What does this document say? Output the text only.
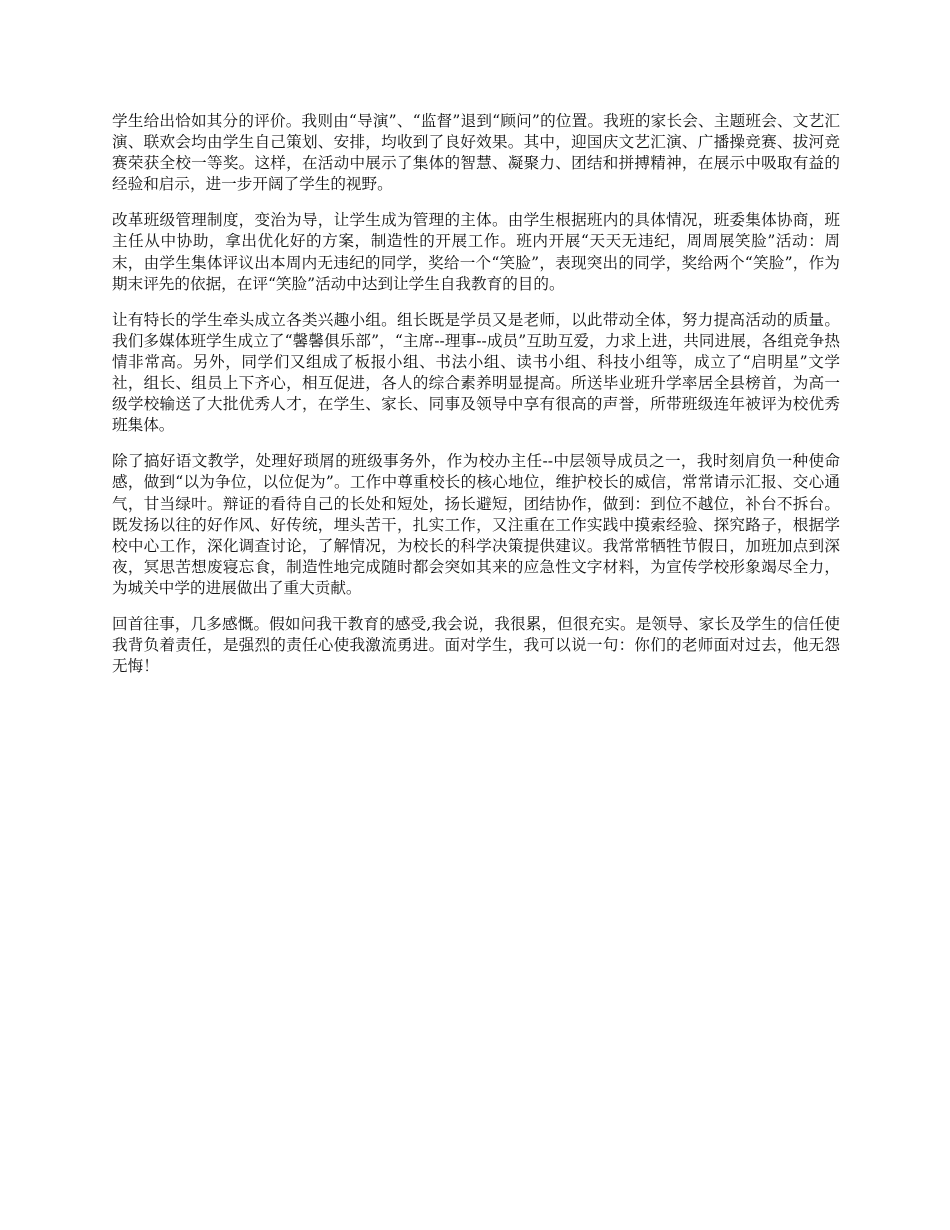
学生给出恰如其分的评价。我则由“导演”、“监督”退到“顾问”的位置。我班的家长会、主题班会、文艺汇演、联欢会均由学生自己策划、安排，均收到了良好效果。其中，迎国庆文艺汇演、广播操竞赛、拔河竞赛荣获全校一等奖。这样，在活动中展示了集体的智慧、凝聚力、团结和拼搏精神，在展示中吸取有益的经验和启示，进一步开阔了学生的视野。

改革班级管理制度，变治为导，让学生成为管理的主体。由学生根据班内的具体情况，班委集体协商，班主任从中协助，拿出优化好的方案，制造性的开展工作。班内开展“天天无违纪，周周展笑脸”活动：周末，由学生集体评议出本周内无违纪的同学，奖给一个“笑脸”，表现突出的同学，奖给两个“笑脸”，作为期末评先的依据，在评“笑脸”活动中达到让学生自我教育的目的。

让有特长的学生牵头成立各类兴趣小组。组长既是学员又是老师，以此带动全体，努力提高活动的质量。我们多媒体班学生成立了“馨馨俱乐部”，“主席--理事--成员”互助互爱，力求上进，共同进展，各组竞争热情非常高。另外，同学们又组成了板报小组、书法小组、读书小组、科技小组等，成立了“启明星”文学社，组长、组员上下齐心，相互促进，各人的综合素养明显提高。所送毕业班升学率居全县榜首，为高一级学校输送了大批优秀人才，在学生、家长、同事及领导中享有很高的声誉，所带班级连年被评为校优秀班集体。

除了搞好语文教学，处理好琐屑的班级事务外，作为校办主任--中层领导成员之一，我时刻肩负一种使命感，做到“以为争位，以位促为”。工作中尊重校长的核心地位，维护校长的威信，常常请示汇报、交心通气，甘当绿叶。辩证的看待自己的长处和短处，扬长避短，团结协作，做到：到位不越位，补台不拆台。既发扬以往的好作风、好传统，埋头苦干，扎实工作，又注重在工作实践中摸索经验、探究路子，根据学校中心工作，深化调查讨论，了解情况，为校长的科学决策提供建议。我常常牺牲节假日，加班加点到深夜，冥思苦想废寝忘食，制造性地完成随时都会突如其来的应急性文字材料，为宣传学校形象竭尽全力，为城关中学的进展做出了重大贡献。

回首往事，几多感慨。假如问我干教育的感受,我会说，我很累，但很充实。是领导、家长及学生的信任使我背负着责任，是强烈的责任心使我激流勇进。面对学生，我可以说一句：你们的老师面对过去，他无怨无悔！
